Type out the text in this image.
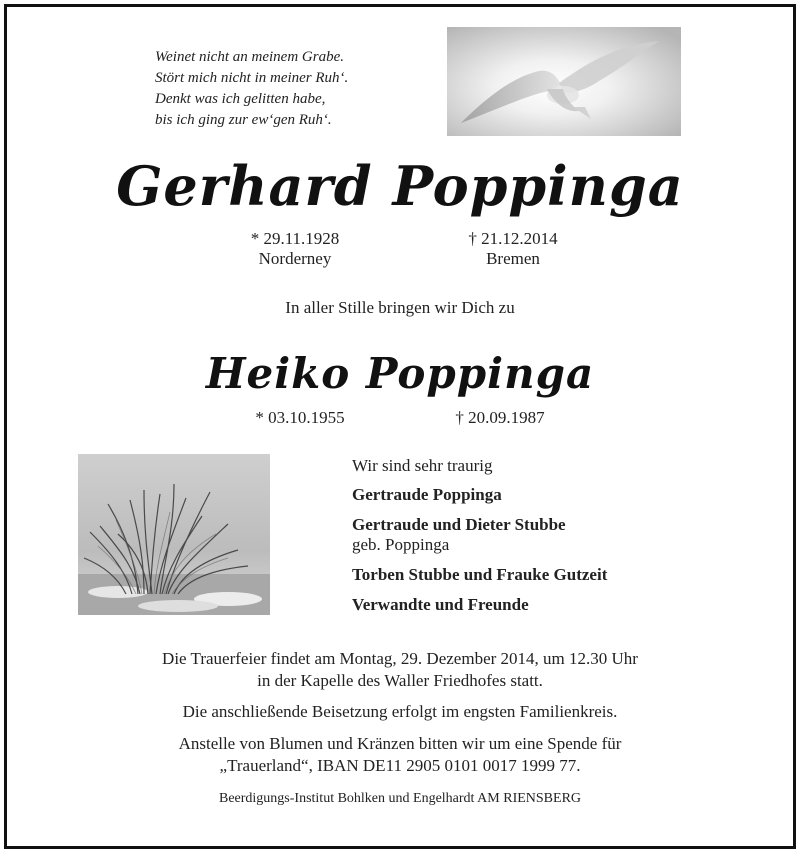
Weinet nicht an meinem Grabe.
Stört mich nicht in meiner Ruh‘.
Denkt was ich gelitten habe,
bis ich ging zur ew‘gen Ruh‘.
Gerhard Poppinga
* 29.11.1928
Norderney
† 21.12.2014
Bremen
In aller Stille bringen wir Dich zu
Heiko Poppinga
* 03.10.1955	† 20.09.1987
Wir sind sehr traurig
Gertraude Poppinga
Gertraude und Dieter Stubbe
geb. Poppinga
Torben Stubbe und Frauke Gutzeit
Verwandte und Freunde
Die Trauerfeier findet am Montag, 29. Dezember 2014, um 12.30 Uhr
in der Kapelle des Waller Friedhofes statt.
Die anschließende Beisetzung erfolgt im engsten Familienkreis.
Anstelle von Blumen und Kränzen bitten wir um eine Spende für
„Trauerland“, IBAN DE11 2905 0101 0017 1999 77.
Beerdigungs-Institut Bohlken und Engelhardt AM RIENSBERG
